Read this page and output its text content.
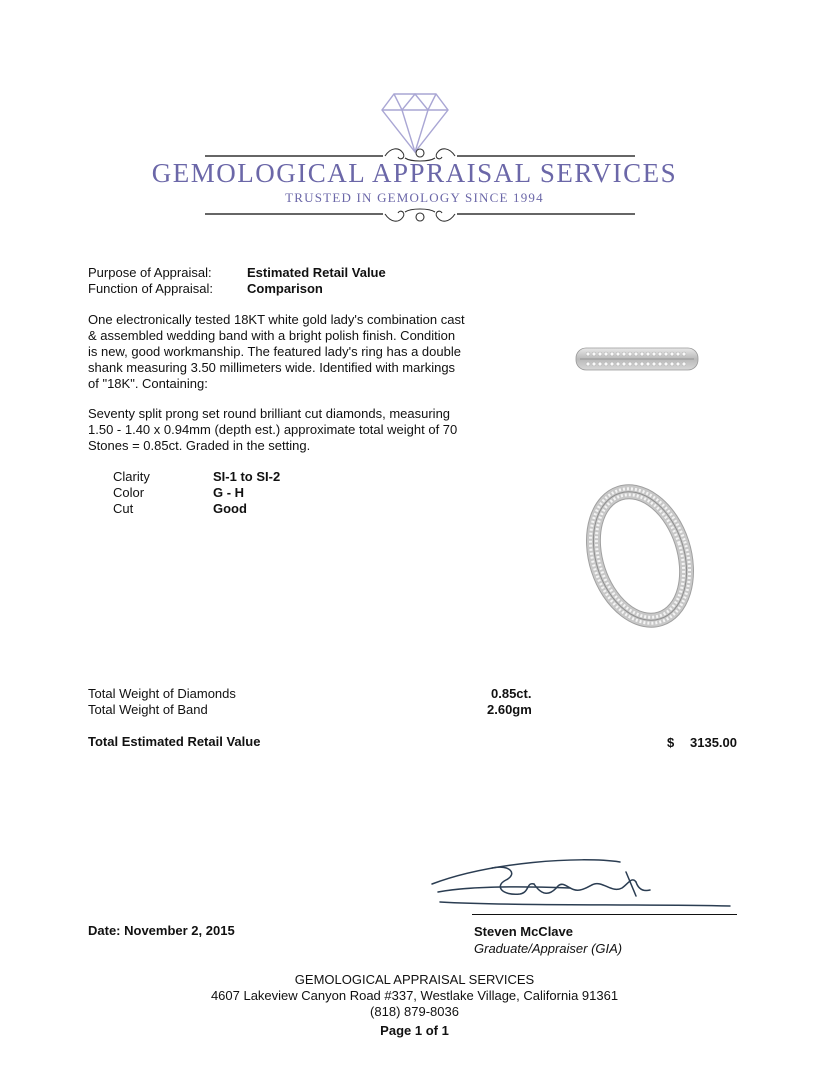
GEMOLOGICAL APPRAISAL SERVICES
TRUSTED IN GEMOLOGY SINCE 1994
Purpose of Appraisal:	Estimated Retail Value
Function of Appraisal:	Comparison
One electronically tested 18KT white gold lady's combination cast
& assembled wedding band with a bright polish finish. Condition
is new, good workmanship. The featured lady's ring has a double
shank measuring 3.50 millimeters wide. Identified with markings
of "18K". Containing:
Seventy split prong set round brilliant cut diamonds, measuring
1.50 - 1.40 x 0.94mm (depth est.) approximate total weight of 70
Stones = 0.85ct. Graded in the setting.
Clarity	SI-1 to SI-2
Color	G - H
Cut	Good
Total Weight of Diamonds	0.85ct.
Total Weight of Band	2.60gm
Total Estimated Retail Value	$ 3135.00
Date: November 2, 2015	Steven McClave
Graduate/Appraiser (GIA)
GEMOLOGICAL APPRAISAL SERVICES
4607 Lakeview Canyon Road #337, Westlake Village, California 91361
(818) 879-8036
Page 1 of 1
